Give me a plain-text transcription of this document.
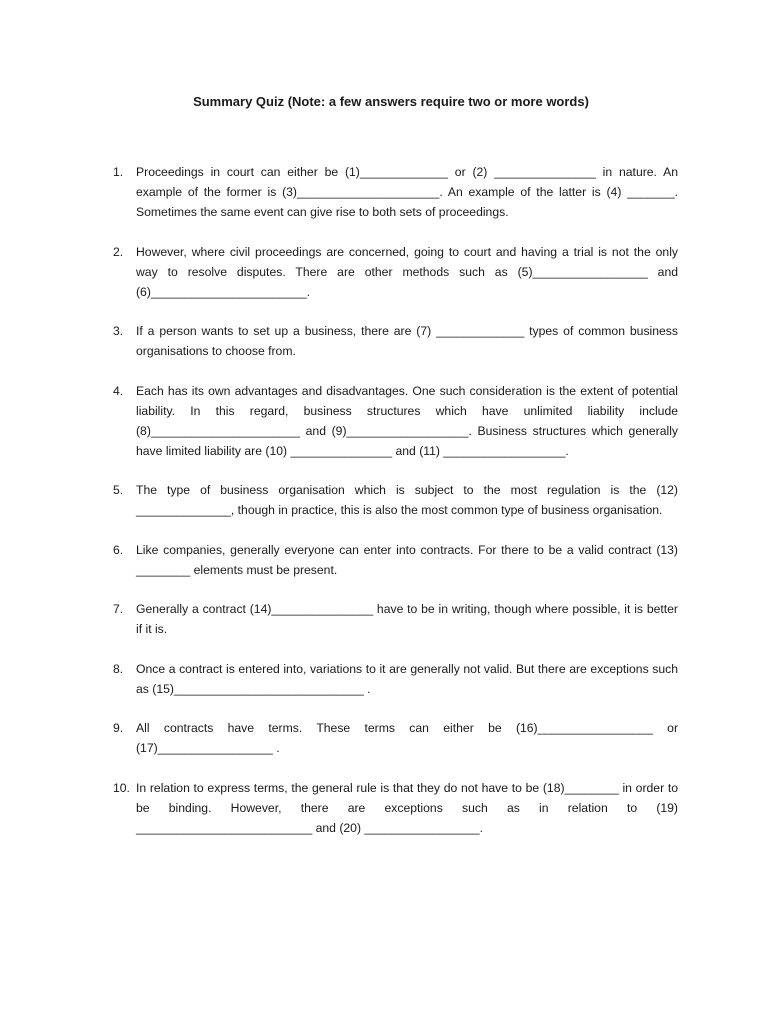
Summary Quiz (Note: a few answers require two or more words)
1.	Proceedings in court can either be (1)_____________ or (2) _______________ in nature. An example of the former is (3)_____________________. An example of the latter is (4) _______. Sometimes the same event can give rise to both sets of proceedings.
2.	However, where civil proceedings are concerned, going to court and having a trial is not the only way to resolve disputes. There are other methods such as (5)_________________ and (6)_______________________.
3.	If a person wants to set up a business, there are (7) _____________ types of common business organisations to choose from.
4.	Each has its own advantages and disadvantages. One such consideration is the extent of potential liability. In this regard, business structures which have unlimited liability include (8)______________________ and (9)__________________. Business structures which generally have limited liability are (10) _______________ and (11) __________________.
5.	The type of business organisation which is subject to the most regulation is the (12) ______________, though in practice, this is also the most common type of business organisation.
6.	Like companies, generally everyone can enter into contracts. For there to be a valid contract (13) ________ elements must be present.
7.	Generally a contract (14)_______________ have to be in writing, though where possible, it is better if it is.
8.	Once a contract is entered into, variations to it are generally not valid. But there are exceptions such as (15)____________________________ .
9.	All contracts have terms. These terms can either be (16)_________________ or (17)_________________ .
10. In relation to express terms, the general rule is that they do not have to be (18)________ in order to be binding. However, there are exceptions such as in relation to (19) __________________________ and (20) _________________.
